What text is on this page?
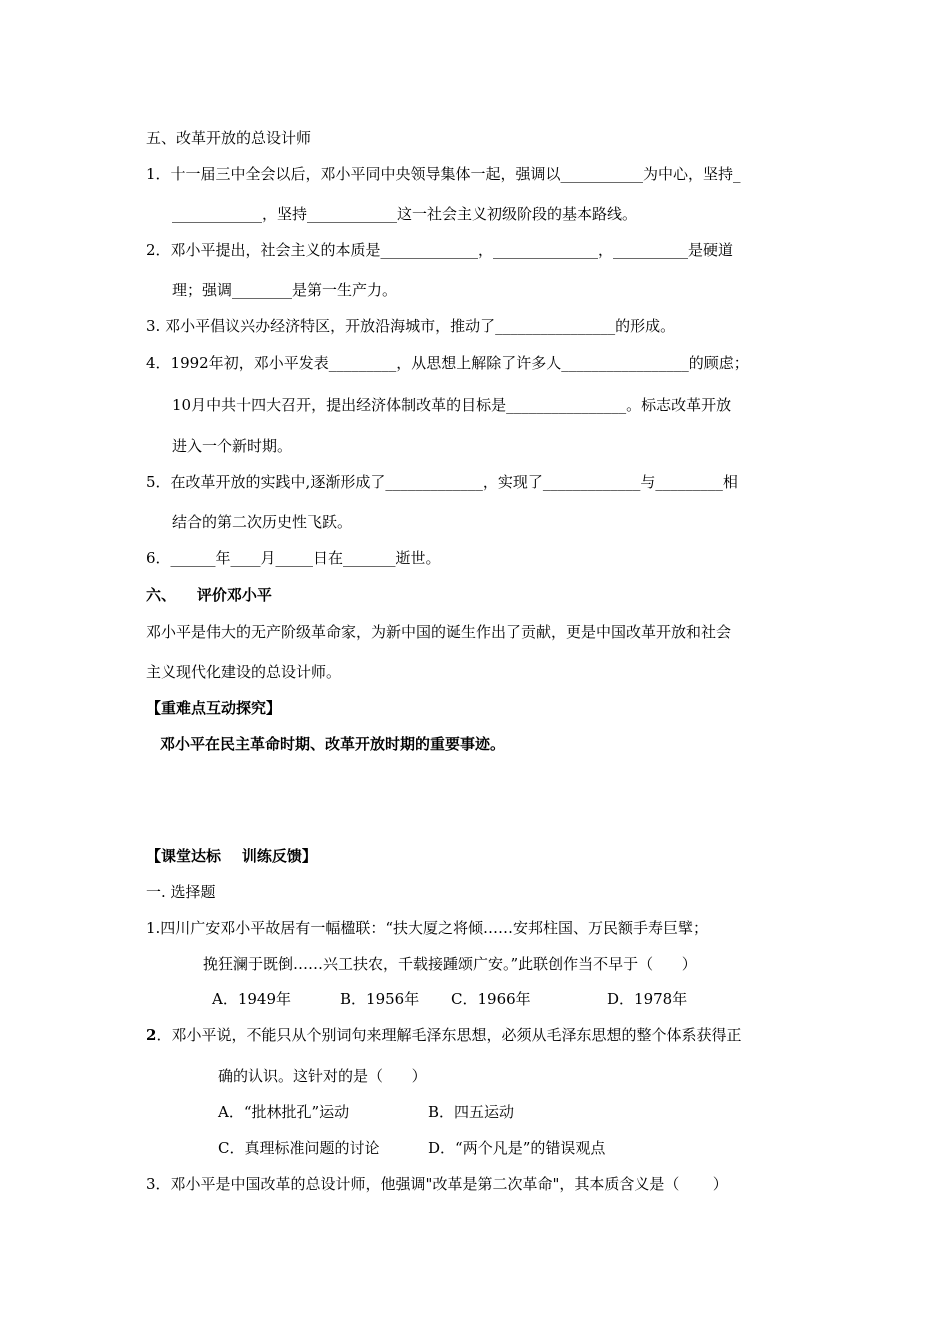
五、改革开放的总设计师
1．十一届三中全会以后，邓小平同中央领导集体一起，强调以___________为中心，坚持_
____________，坚持____________这一社会主义初级阶段的基本路线。
2．邓小平提出，社会主义的本质是_____________，______________，__________是硬道
理；强调________是第一生产力。
3. 邓小平倡议兴办经济特区，开放沿海城市，推动了________________的形成。
4．1992年初，邓小平发表_________，从思想上解除了许多人_________________的顾虑；
10月中共十四大召开，提出经济体制改革的目标是________________。标志改革开放
进入一个新时期。
5．在改革开放的实践中,逐渐形成了_____________，实现了_____________与_________相
结合的第二次历史性飞跃。
6．______年____月_____日在_______逝世。
六、    评价邓小平
邓小平是伟大的无产阶级革命家，为新中国的诞生作出了贡献，更是中国改革开放和社会
主义现代化建设的总设计师。
【重难点互动探究】
邓小平在民主革命时期、改革开放时期的重要事迹。
【课堂达标    训练反馈】
一. 选择题
1.四川广安邓小平故居有一幅楹联：“扶大厦之将倾……安邦柱国、万民额手寿巨擘；
挽狂澜于既倒……兴工扶农，千载接踵颂广安。”此联创作当不早于（      ）
A．1949年	B．1956年 C．1966年	D．1978年
2．邓小平说，不能只从个别词句来理解毛泽东思想，必须从毛泽东思想的整个体系获得正
确的认识。这针对的是（      ）
A．“批林批孔”运动	B．四五运动
C．真理标准问题的讨论	D．“两个凡是”的错误观点
3．邓小平是中国改革的总设计师，他强调"改革是第二次革命"，其本质含义是（       ）
